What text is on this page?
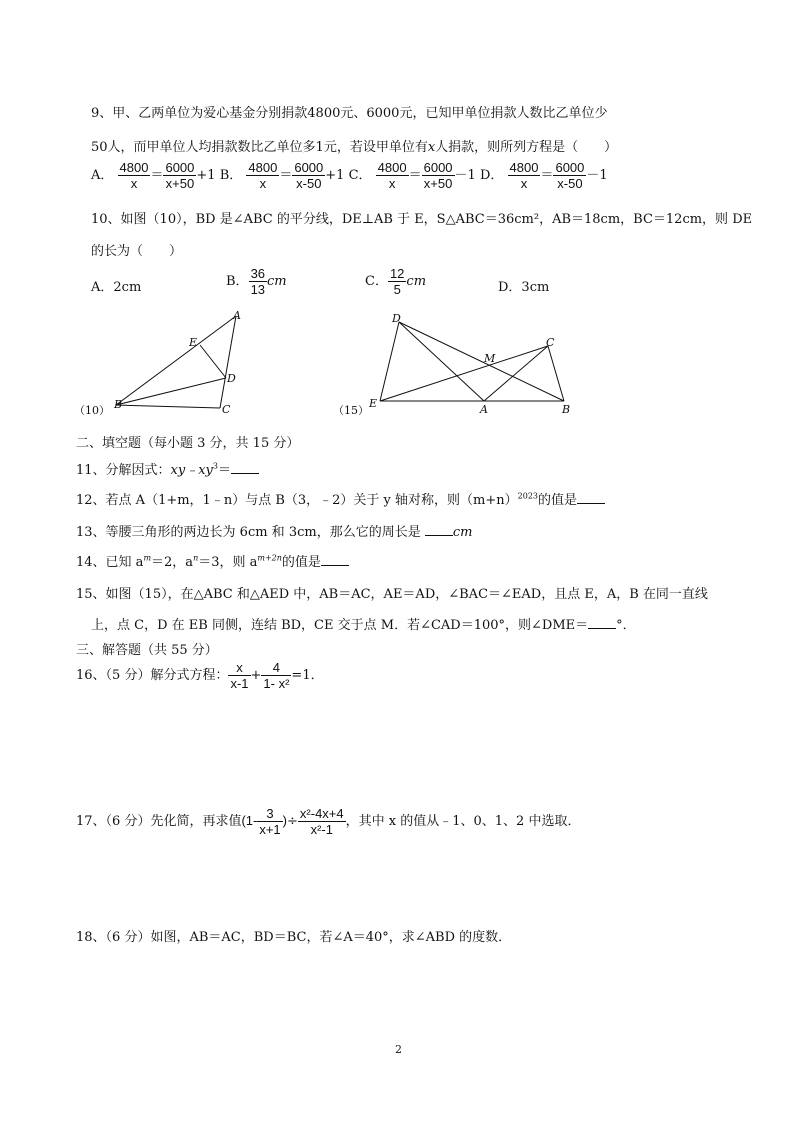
9、甲、乙两单位为爱心基金分别捐款4800元、6000元，已知甲单位捐款人数比乙单位少
50人，而甲单位人均捐款数比乙单位多1元，若设甲单位有x人捐款，则所列方程是（　　）
A． $\frac{4800}{x} = \frac{6000}{x+50} +1$ B． $\frac{4800}{x} = \frac{6000}{x-50} +1$ C． $\frac{4800}{x} = \frac{6000}{x+50} -1$ D． $\frac{4800}{x} = \frac{6000}{x-50} -1$
10、如图（10），BD 是∠ABC 的平分线，DE⊥AB 于 E，S△ABC＝36cm²，AB＝18cm，BC＝12cm，则 DE
的长为（　　）
A．2cm	B． $\frac{36}{13}$ cm	C． $\frac{12}{5}$ cm	D．3cm
A
E
D
B	C
（10）
D
M
C
E	A	B
（15）
二、填空题（每小题 3 分，共 15 分）
11、分解因式：$xy﹣xy^3=$
12、若点 A（1+m，1﹣n）与点 B（3，﹣2）关于 y 轴对称，则$(m+n)^{2023}$的值是
13、等腰三角形的两边长为 6cm 和 3cm，那么它的周长是 cm
14、已知 $a^m=2$，$a^n=3$，则 $a^{m+2n}$的值是
15、如图（15），在△ABC 和△AED 中，AB＝AC，AE＝AD，∠BAC＝∠EAD，且点 E，A，B 在同一直线
上，点 C，D 在 EB 同侧，连结 BD，CE 交于点 M．若∠CAD＝100°，则∠DME＝ °．
三、解答题（共 55 分）
16、（5 分）解分式方程： $\frac{x}{x-1} + \frac{4}{\text{1- x²}} =1$．
17、（6 分）先化简，再求值($1- \frac{3}{x+1}$ )÷ $\frac{\text{x²-4x+4}}{\text{x²-1}}$ ，其中 x 的值从﹣1、0、1、2 中选取．
18、（6 分）如图，AB＝AC，BD＝BC，若∠A＝40°，求∠ABD 的度数．
2
